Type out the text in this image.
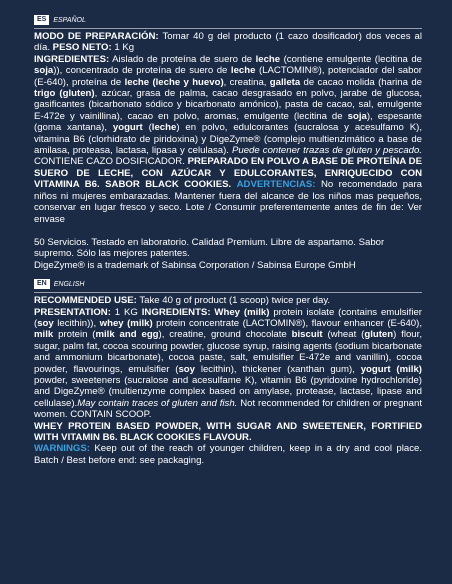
ES	ESPAÑOL

MODO DE PREPARACIÓN: Tomar 40 g del producto (1 cazo dosificador) dos veces al día. PESO NETO: 1 Kg
INGREDIENTES: Aislado de proteína de suero de leche (contiene emulgente (lecitina de soja)), concentrado de proteína de suero de leche (LACTOMIN®), potenciador del sabor (E-640), proteína de leche (leche y huevo), creatina, galleta de cacao molida (harina de trigo (gluten), azúcar, grasa de palma, cacao desgrasado en polvo, jarabe de glucosa, gasificantes (bicarbonato sódico y bicarbonato amónico), pasta de cacao, sal, emulgente E-472e y vainillina), cacao en polvo, aromas, emulgente (lecitina de soja), espesante (goma xantana), yogurt (leche) en polvo, edulcorantes (sucralosa y acesulfamo K), vitamina B6 (clorhidrato de piridoxina) y DigeZyme® (complejo multienzimático a base de amilasa, proteasa, lactasa, lipasa y celulasa). Puede contener trazas de gluten y pescado. CONTIENE CAZO DOSIFICADOR. PREPARADO EN POLVO A BASE DE PROTEÍNA DE SUERO DE LECHE, CON AZÚCAR Y EDULCORANTES, ENRIQUECIDO CON VITAMINA B6. SABOR BLACK COOKIES. ADVERTENCIAS: No recomendado para niños ni mujeres embarazadas. Mantener fuera del alcance de los niños mas pequeños, conservar en lugar fresco y seco. Lote / Consumir preferentemente antes de fin de: Ver envase

50 Servicios. Testado en laboratorio. Calidad Premium. Libre de aspartamo. Sabor supremo. Sólo las mejores patentes.

DigeZyme® is a trademark of Sabinsa Corporation / Sabinsa Europe GmbH

EN	ENGLISH

RECOMMENDED USE: Take 40 g of product (1 scoop) twice per day.
PRESENTATION: 1 KG INGREDIENTS: Whey (milk) protein isolate (contains emulsifier (soy lecithin)), whey (milk) protein concentrate (LACTOMIN®), flavour enhancer (E-640), milk protein (milk and egg), creatine, ground chocolate biscuit (wheat (gluten) flour, sugar, palm fat, cocoa scouring powder, glucose syrup, raising agents (sodium bicarbonate and ammonium bicarbonate), cocoa paste, salt, emulsifier E-472e and vanillin), cocoa powder, flavourings, emulsifier (soy lecithin), thickener (xanthan gum), yogurt (milk) powder, sweeteners (sucralose and acesulfame K), vitamin B6 (pyridoxine hydrochloride) and DigeZyme® (multienzyme complex based on amylase, protease, lactase, lipase and cellulase).May contain traces of gluten and fish. Not recommended for children or pregnant women. CONTAIN SCOOP.
WHEY PROTEIN BASED POWDER, WITH SUGAR AND SWEETENER, FORTIFIED WITH VITAMIN B6. BLACK COOKIES FLAVOUR.
WARNINGS: Keep out of the reach of younger children, keep in a dry and cool place. Batch / Best before end: see packaging.
